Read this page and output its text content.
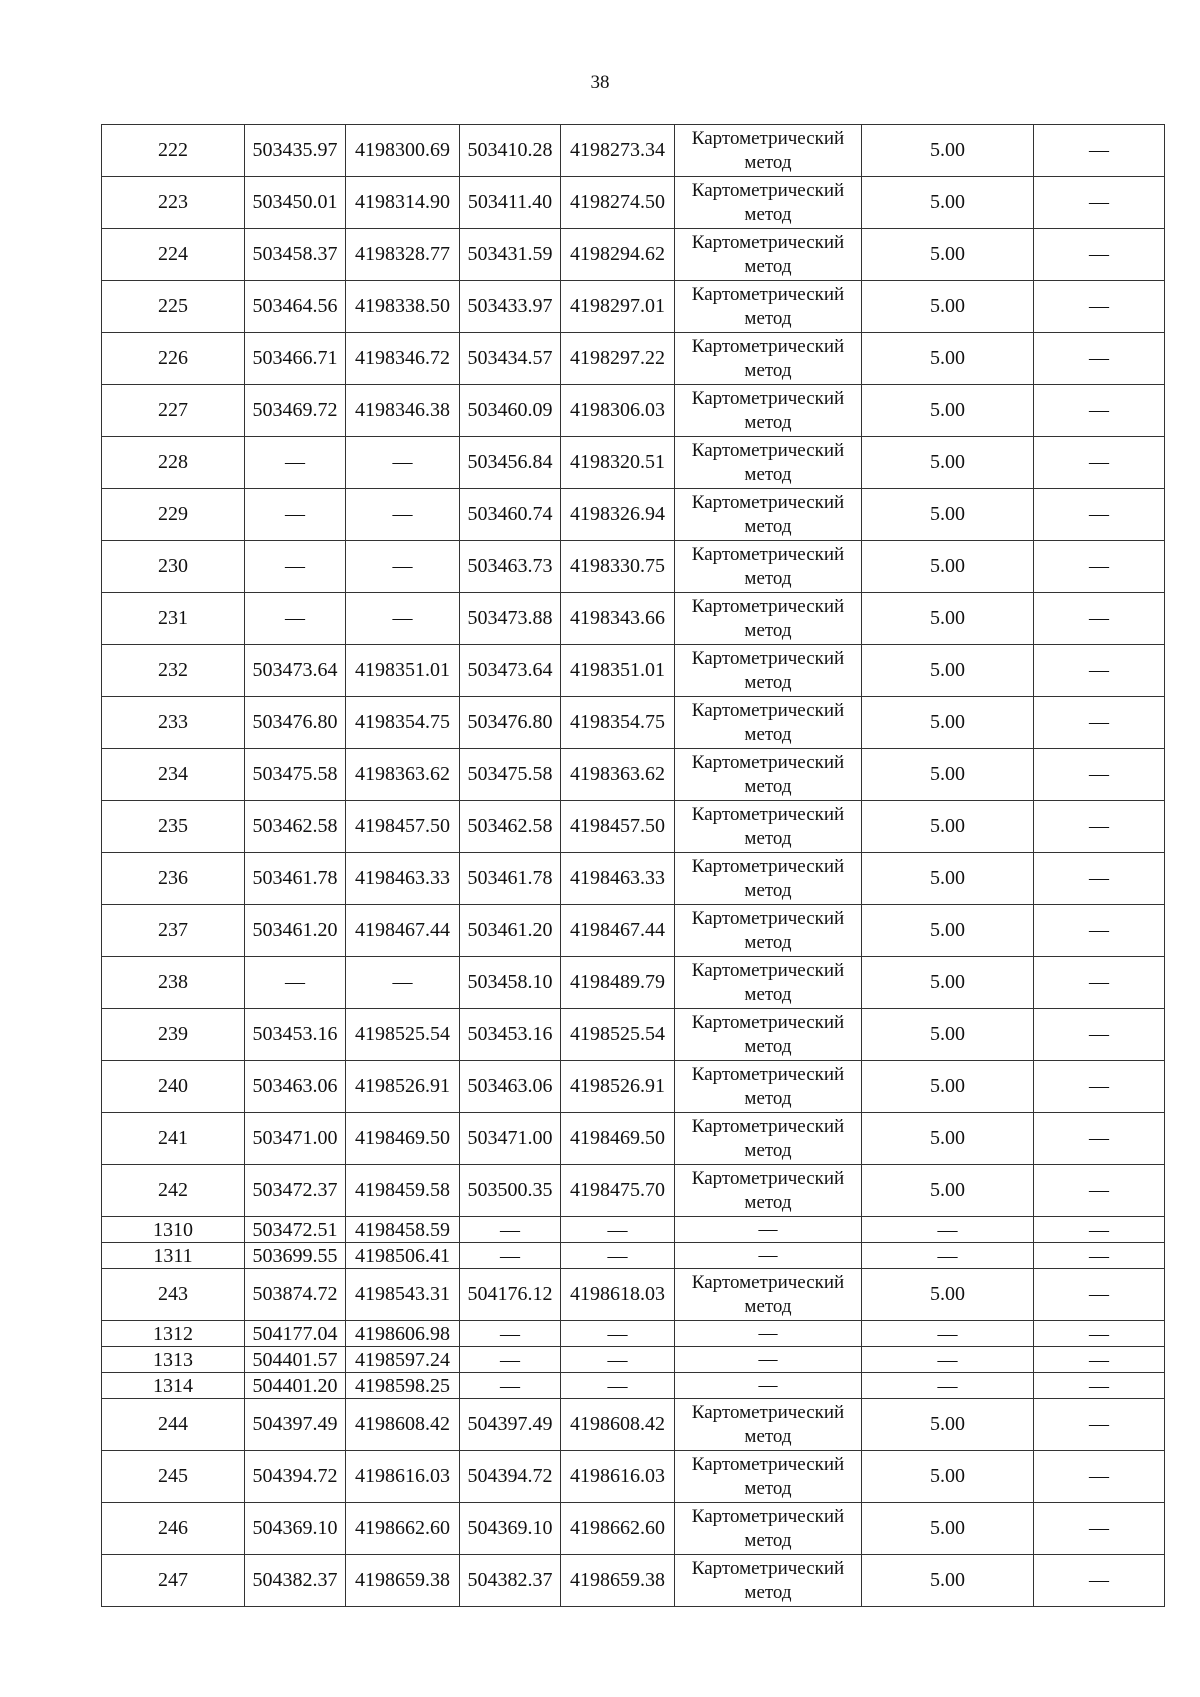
38
222	503435.97	4198300.69	503410.28	4198273.34	Картометрический метод	5.00	—
223	503450.01	4198314.90	503411.40	4198274.50	Картометрический метод	5.00	—
224	503458.37	4198328.77	503431.59	4198294.62	Картометрический метод	5.00	—
225	503464.56	4198338.50	503433.97	4198297.01	Картометрический метод	5.00	—
226	503466.71	4198346.72	503434.57	4198297.22	Картометрический метод	5.00	—
227	503469.72	4198346.38	503460.09	4198306.03	Картометрический метод	5.00	—
228	—	—	503456.84	4198320.51	Картометрический метод	5.00	—
229	—	—	503460.74	4198326.94	Картометрический метод	5.00	—
230	—	—	503463.73	4198330.75	Картометрический метод	5.00	—
231	—	—	503473.88	4198343.66	Картометрический метод	5.00	—
232	503473.64	4198351.01	503473.64	4198351.01	Картометрический метод	5.00	—
233	503476.80	4198354.75	503476.80	4198354.75	Картометрический метод	5.00	—
234	503475.58	4198363.62	503475.58	4198363.62	Картометрический метод	5.00	—
235	503462.58	4198457.50	503462.58	4198457.50	Картометрический метод	5.00	—
236	503461.78	4198463.33	503461.78	4198463.33	Картометрический метод	5.00	—
237	503461.20	4198467.44	503461.20	4198467.44	Картометрический метод	5.00	—
238	—	—	503458.10	4198489.79	Картометрический метод	5.00	—
239	503453.16	4198525.54	503453.16	4198525.54	Картометрический метод	5.00	—
240	503463.06	4198526.91	503463.06	4198526.91	Картометрический метод	5.00	—
241	503471.00	4198469.50	503471.00	4198469.50	Картометрический метод	5.00	—
242	503472.37	4198459.58	503500.35	4198475.70	Картометрический метод	5.00	—
1310	503472.51	4198458.59	—	—	—	—	—
1311	503699.55	4198506.41	—	—	—	—	—
243	503874.72	4198543.31	504176.12	4198618.03	Картометрический метод	5.00	—
1312	504177.04	4198606.98	—	—	—	—	—
1313	504401.57	4198597.24	—	—	—	—	—
1314	504401.20	4198598.25	—	—	—	—	—
244	504397.49	4198608.42	504397.49	4198608.42	Картометрический метод	5.00	—
245	504394.72	4198616.03	504394.72	4198616.03	Картометрический метод	5.00	—
246	504369.10	4198662.60	504369.10	4198662.60	Картометрический метод	5.00	—
247	504382.37	4198659.38	504382.37	4198659.38	Картометрический метод	5.00	—
